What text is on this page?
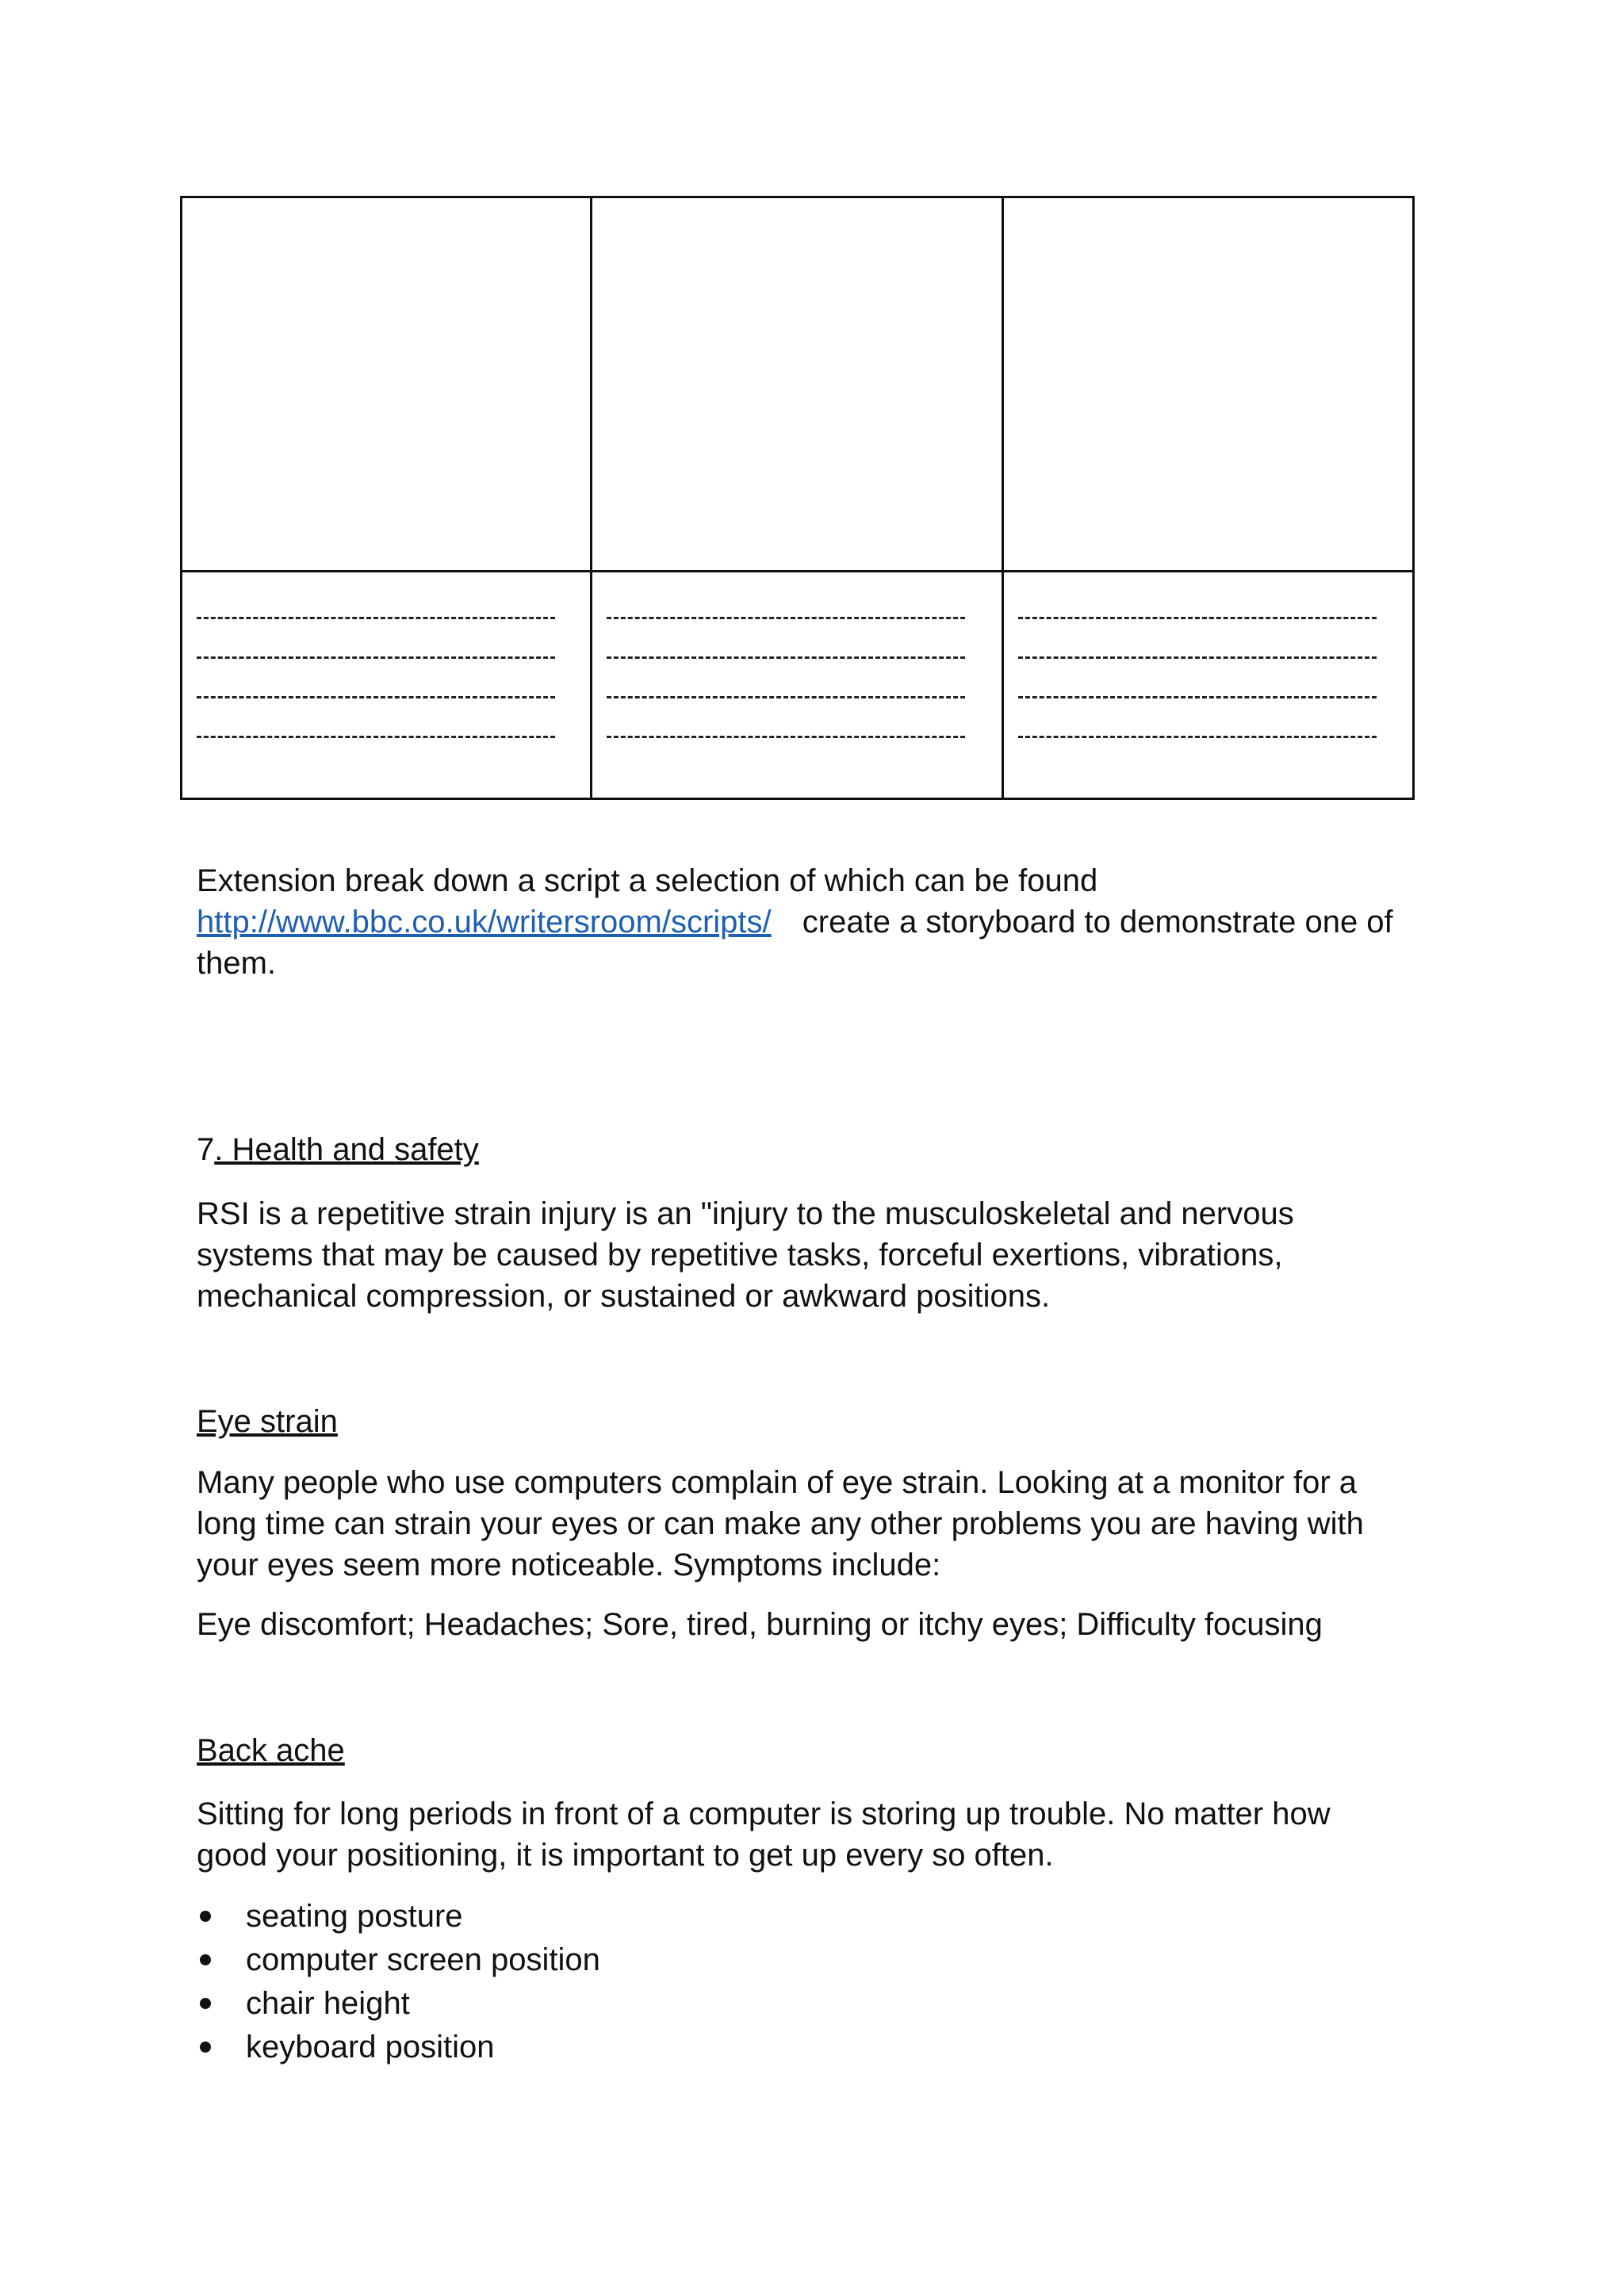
Extension break down a script a selection of which can be found
http://www.bbc.co.uk/writersroom/scripts/ create a storyboard to demonstrate one of
them.
7. Health and safety
RSI is a repetitive strain injury is an "injury to the musculoskeletal and nervous
systems that may be caused by repetitive tasks, forceful exertions, vibrations,
mechanical compression, or sustained or awkward positions.
Eye strain
Many people who use computers complain of eye strain. Looking at a monitor for a
long time can strain your eyes or can make any other problems you are having with
your eyes seem more noticeable. Symptoms include:
Eye discomfort; Headaches; Sore, tired, burning or itchy eyes; Difficulty focusing
Back ache
Sitting for long periods in front of a computer is storing up trouble. No matter how
good your positioning, it is important to get up every so often.
seating posture
computer screen position
chair height
keyboard position
